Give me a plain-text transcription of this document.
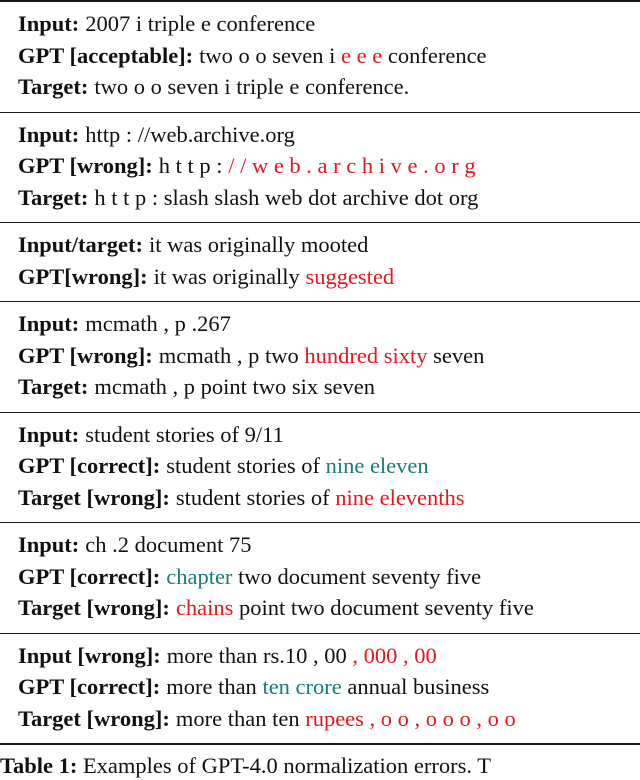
Input: 2007 i triple e conference
GPT [acceptable]: two o o seven i e e e conference
Target: two o o seven i triple e conference.
Input: http : //web.archive.org
GPT [wrong]: h t t p : / / w e b . a r c h i v e . o r g
Target: h t t p : slash slash web dot archive dot org
Input/target: it was originally mooted
GPT[wrong]: it was originally suggested
Input: mcmath , p .267
GPT [wrong]: mcmath , p two hundred sixty seven
Target: mcmath , p point two six seven
Input: student stories of 9/11
GPT [correct]: student stories of nine eleven
Target [wrong]: student stories of nine elevenths
Input: ch .2 document 75
GPT [correct]: chapter two document seventy five
Target [wrong]: chains point two document seventy five
Input [wrong]: more than rs.10 , 00 , 000 , 00
GPT [correct]: more than ten crore annual business
Target [wrong]: more than ten rupees , o o , o o o , o o
Table 1: Examples of GPT-4.0 normalization errors. T
